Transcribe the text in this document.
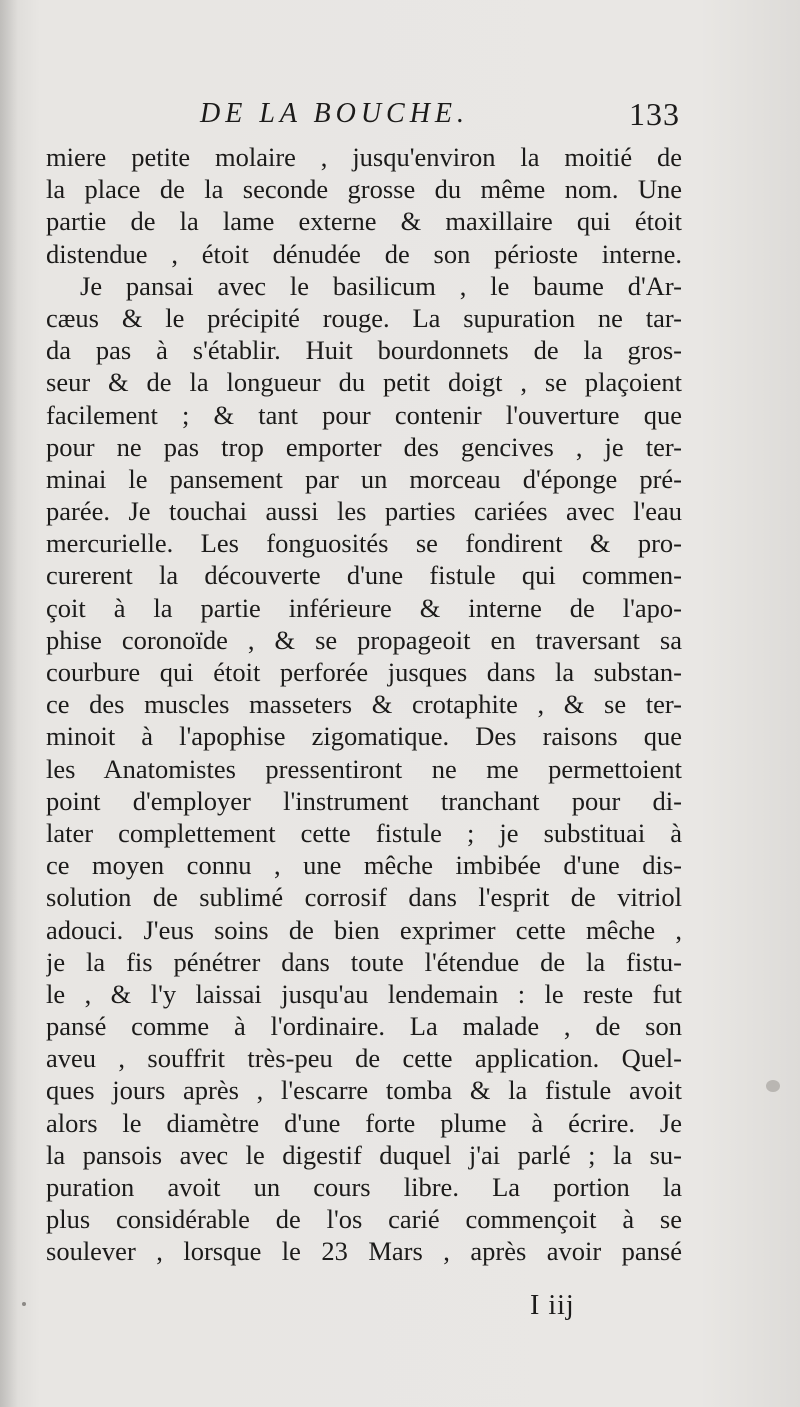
DE LA BOUCHE.	133
miere petite molaire , jusqu'environ la moitié de
la place de la seconde grosse du même nom. Une
partie de la lame externe & maxillaire qui étoit
distendue , étoit dénudée de son périoste interne.
Je pansai avec le basilicum , le baume d'Ar-
cæus & le précipité rouge. La supuration ne tar-
da pas à s'établir. Huit bourdonnets de la gros-
seur & de la longueur du petit doigt , se plaçoient
facilement ; & tant pour contenir l'ouverture que
pour ne pas trop emporter des gencives , je ter-
minai le pansement par un morceau d'éponge pré-
parée. Je touchai aussi les parties cariées avec l'eau
mercurielle. Les fonguosités se fondirent & pro-
curerent la découverte d'une fistule qui commen-
çoit à la partie inférieure & interne de l'apo-
phise coronoïde , & se propageoit en traversant sa
courbure qui étoit perforée jusques dans la substan-
ce des muscles masseters & crotaphite , & se ter-
minoit à l'apophise zigomatique. Des raisons que
les Anatomistes pressentiront ne me permettoient
point d'employer l'instrument tranchant pour di-
later complettement cette fistule ; je substituai à
ce moyen connu , une mêche imbibée d'une dis-
solution de sublimé corrosif dans l'esprit de vitriol
adouci. J'eus soins de bien exprimer cette mêche ,
je la fis pénétrer dans toute l'étendue de la fistu-
le , & l'y laissai jusqu'au lendemain : le reste fut
pansé comme à l'ordinaire. La malade , de son
aveu , souffrit très-peu de cette application. Quel-
ques jours après , l'escarre tomba & la fistule avoit
alors le diamètre d'une forte plume à écrire. Je
la pansois avec le digestif duquel j'ai parlé ; la su-
puration avoit un cours libre. La portion la
plus considérable de l'os carié commençoit à se
soulever , lorsque le 23 Mars , après avoir pansé
I iij
